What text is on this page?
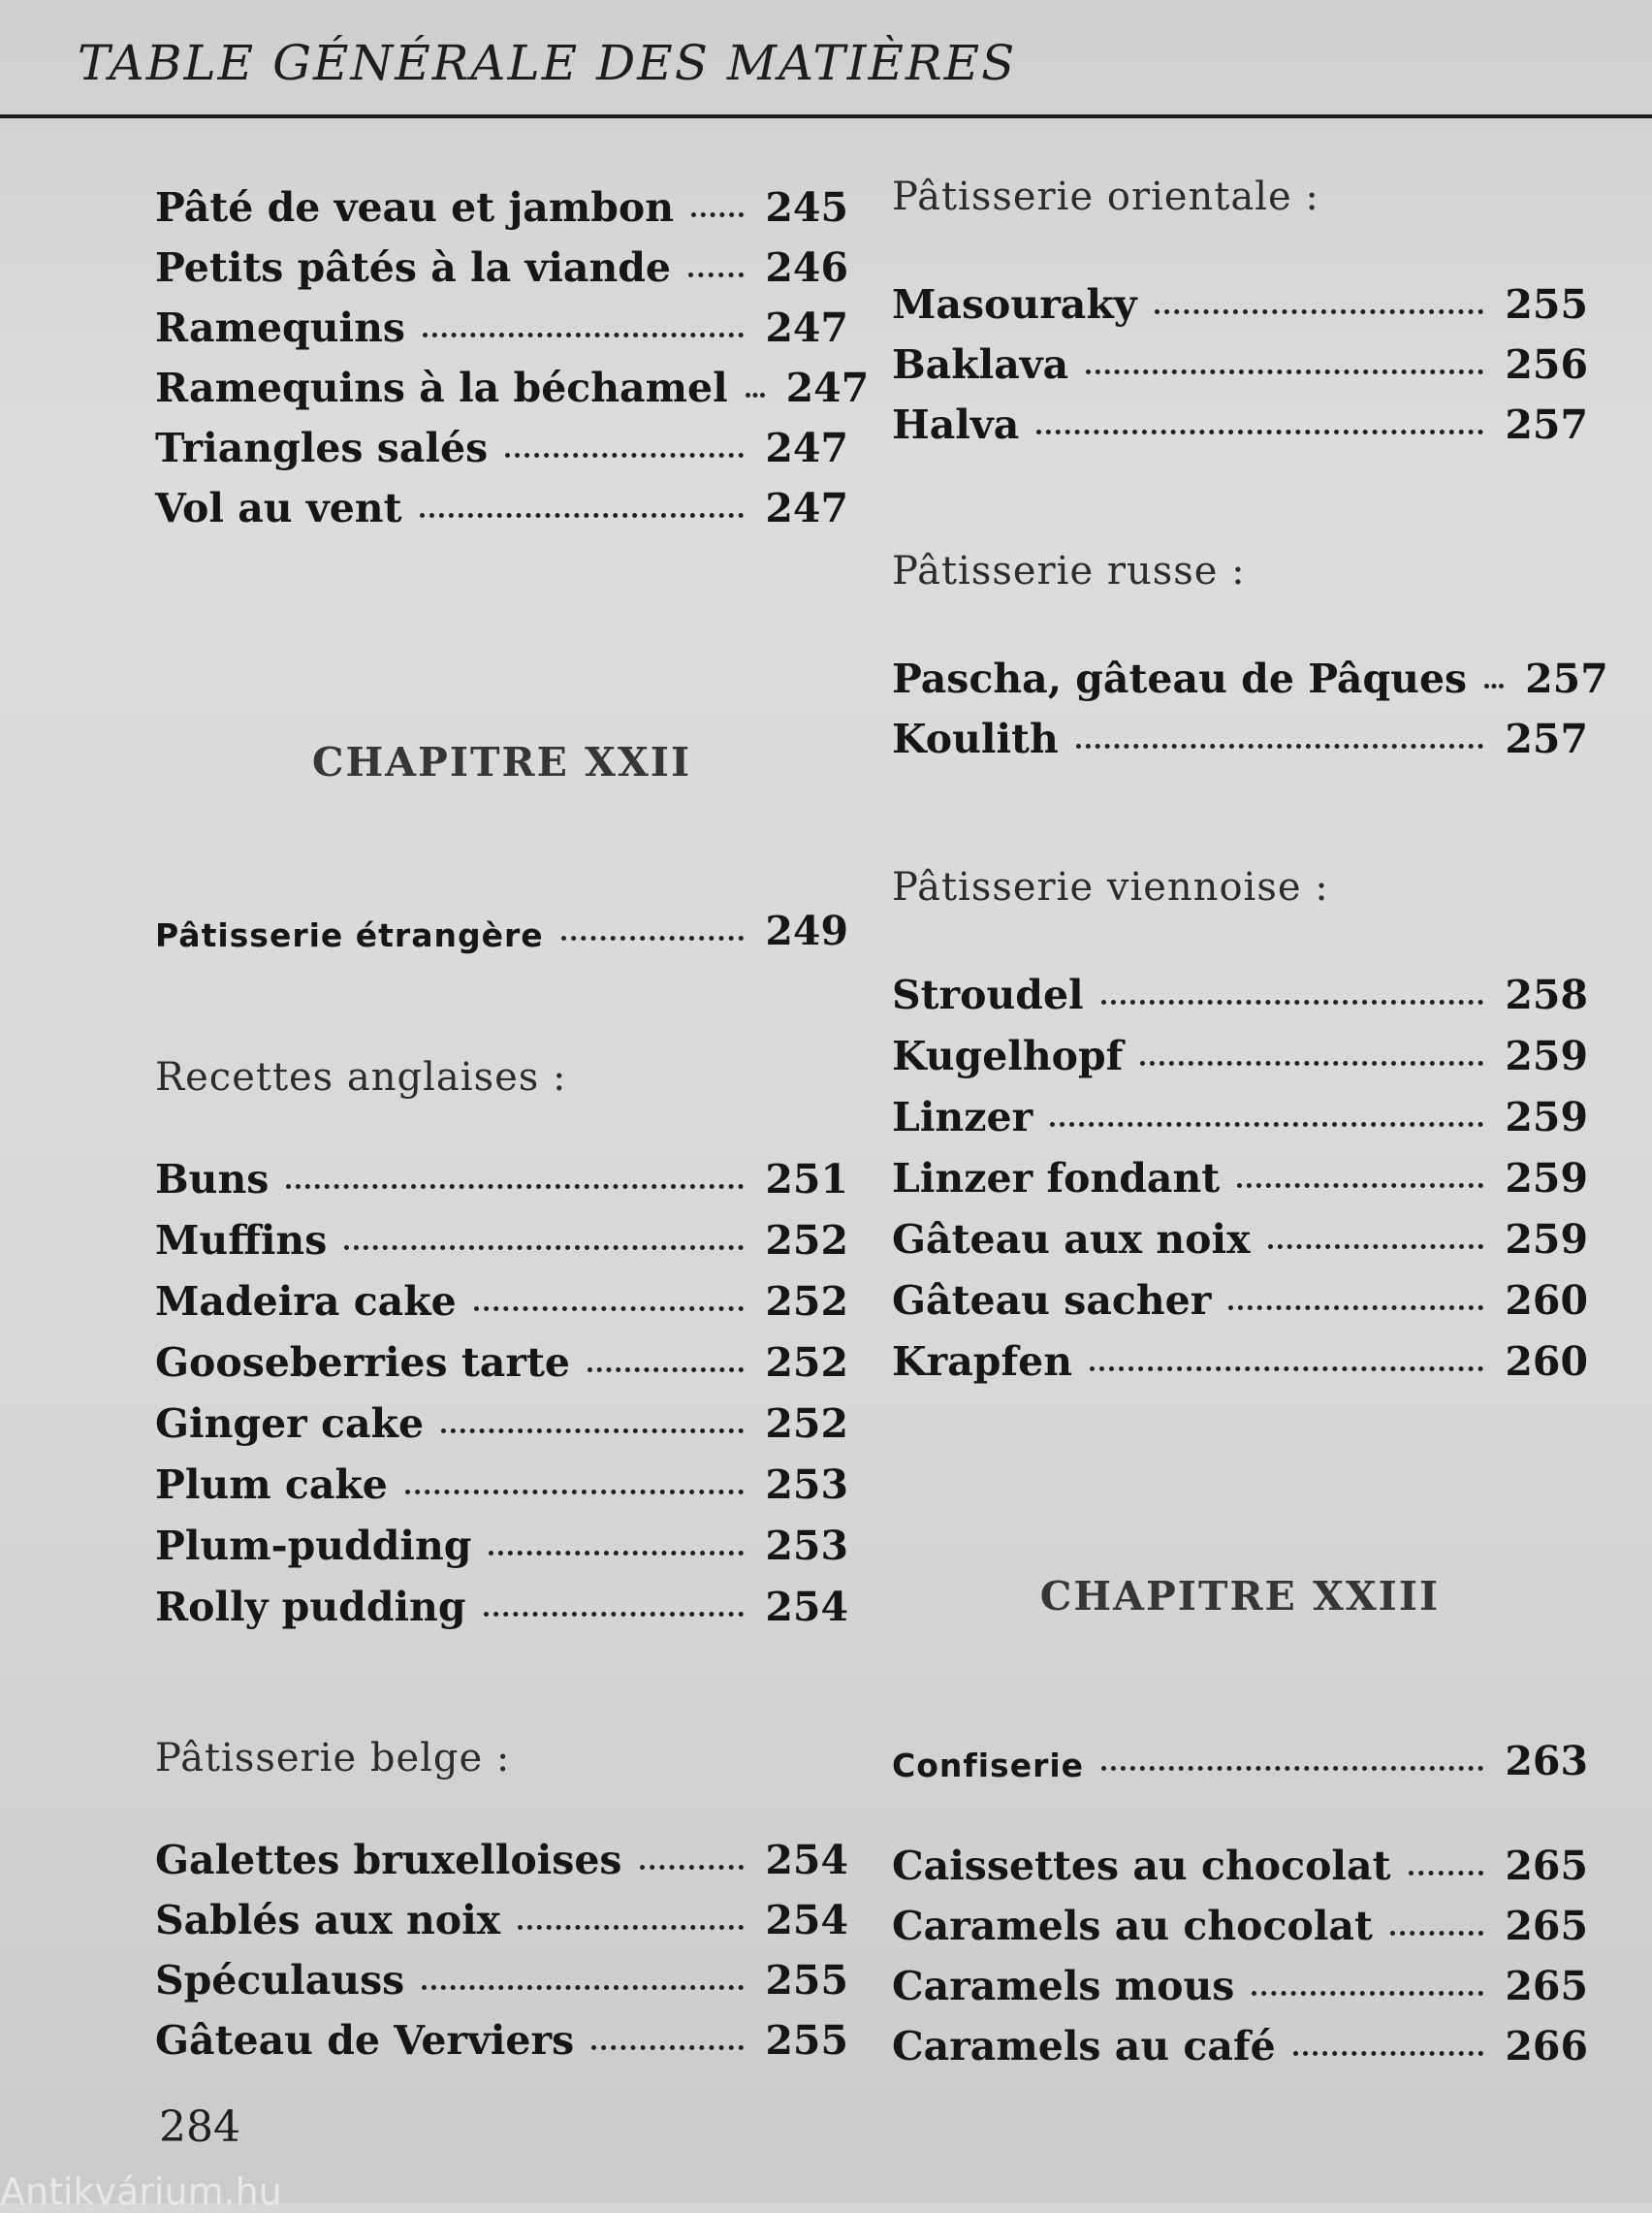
TABLE GÉNÉRALE DES MATIÈRES
Pâté de veau et jambon 245
Petits pâtés à la viande 246
Ramequins	247
Ramequins à la béchamel 247
Triangles salés	247
Vol au vent	247
CHAPITRE XXII
Pâtisserie étrangère	249
Recettes anglaises :
Buns	251
Muffins	252
Madeira cake	252
Gooseberries tarte	252
Ginger cake	252
Plum cake	253
Plum-pudding	253
Rolly pudding	254
Pâtisserie belge :
Galettes bruxelloises	254
Sablés aux noix	254
Spéculauss	255
Gâteau de Verviers	255
Pâtisserie orientale :
Masouraky	255
Baklava	256
Halva	257
Pâtisserie russe :
Pascha, gâteau de Pâques 257
Koulith	257
Pâtisserie viennoise :
Stroudel	258
Kugelhopf	259
Linzer	259
Linzer fondant	259
Gâteau aux noix	259
Gâteau sacher	260
Krapfen	260
CHAPITRE XXIII
Confiserie	263
Caissettes au chocolat	265
Caramels au chocolat	265
Caramels mous	265
Caramels au café	266
284
Antikvárium.hu
